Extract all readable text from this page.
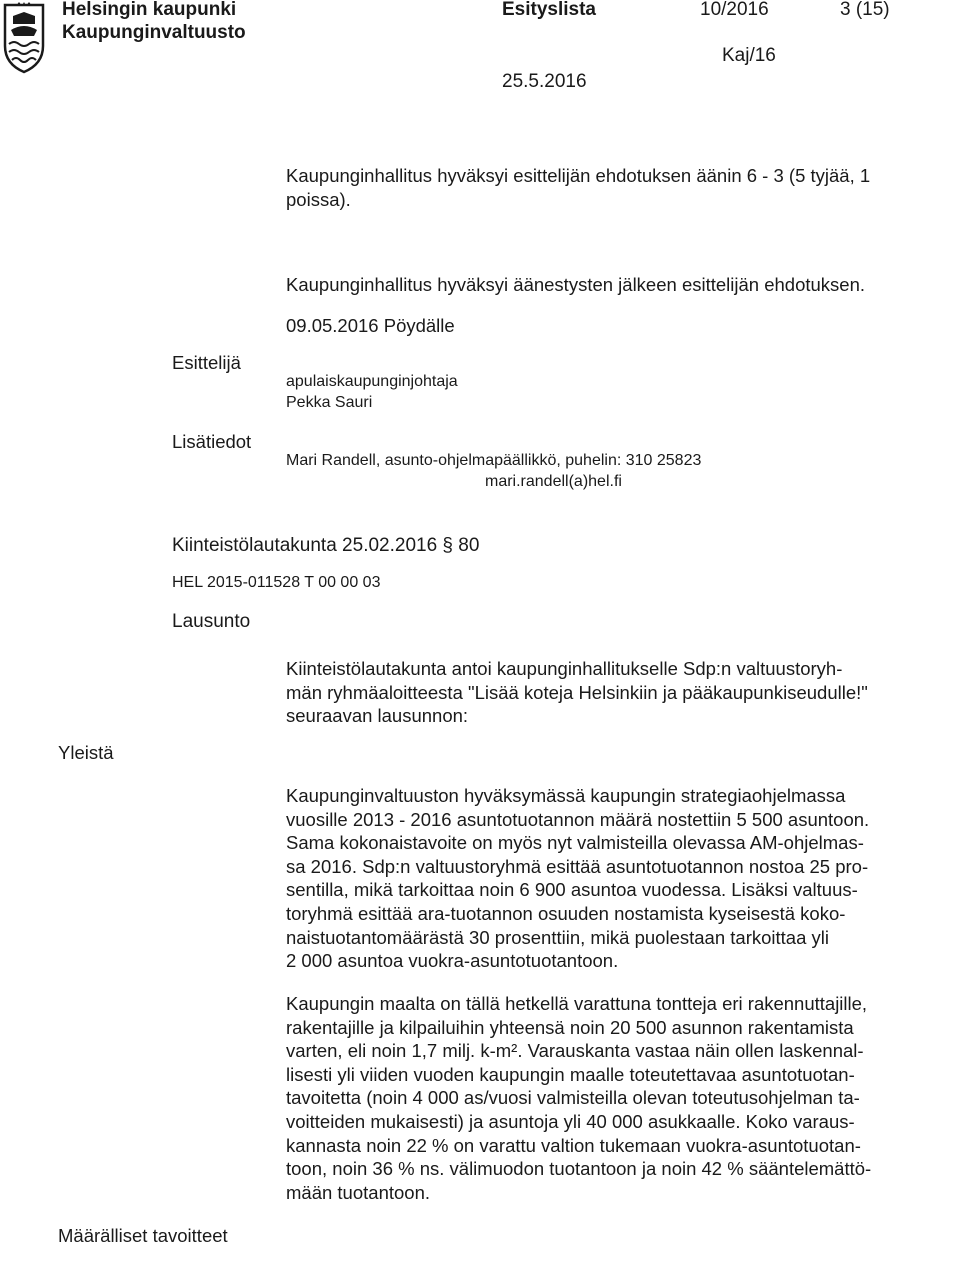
Helsingin kaupunki
Kaupunginvaltuusto
Esityslista	10/2016	3 (15)
Kaj/16
25.5.2016
Kaupunginhallitus hyväksyi esittelijän ehdotuksen äänin 6 - 3 (5 tyjää, 1
poissa).
Kaupunginhallitus hyväksyi äänestysten jälkeen esittelijän ehdotuksen.
09.05.2016 Pöydälle
Esittelijä
apulaiskaupunginjohtaja
Pekka Sauri
Lisätiedot
Mari Randell, asunto-ohjelmapäällikkö, puhelin: 310 25823
mari.randell(a)hel.fi
Kiinteistölautakunta 25.02.2016 § 80
HEL 2015-011528 T 00 00 03
Lausunto
Kiinteistölautakunta antoi kaupunginhallitukselle Sdp:n valtuustoryh-
män ryhmäaloitteesta "Lisää koteja Helsinkiin ja pääkaupunkiseudulle!"
seuraavan lausunnon:
Yleistä
Kaupunginvaltuuston hyväksymässä kaupungin strategiaohjelmassa
vuosille 2013 - 2016 asuntotuotannon määrä nostettiin 5 500 asuntoon.
Sama kokonaistavoite on myös nyt valmisteilla olevassa AM-ohjelmas-
sa 2016. Sdp:n valtuustoryhmä esittää asuntotuotannon nostoa 25 pro-
sentilla, mikä tarkoittaa noin 6 900 asuntoa vuodessa. Lisäksi valtuus-
toryhmä esittää ara-tuotannon osuuden nostamista kyseisestä koko-
naistuotantomäärästä 30 prosenttiin, mikä puolestaan tarkoittaa yli
2 000 asuntoa vuokra-asuntotuotantoon.
Kaupungin maalta on tällä hetkellä varattuna tontteja eri rakennuttajille,
rakentajille ja kilpailuihin yhteensä noin 20 500 asunnon rakentamista
varten, eli noin 1,7 milj. k-m². Varauskanta vastaa näin ollen laskennal-
lisesti yli viiden vuoden kaupungin maalle toteutettavaa asuntotuotan-
tavoitetta (noin 4 000 as/vuosi valmisteilla olevan toteutusohjelman ta-
voitteiden mukaisesti) ja asuntoja yli 40 000 asukkaalle. Koko varaus-
kannasta noin 22 % on varattu valtion tukemaan vuokra-asuntotuotan-
toon, noin 36 % ns. välimuodon tuotantoon ja noin 42 % sääntelemättö-
mään tuotantoon.
Määrälliset tavoitteet
